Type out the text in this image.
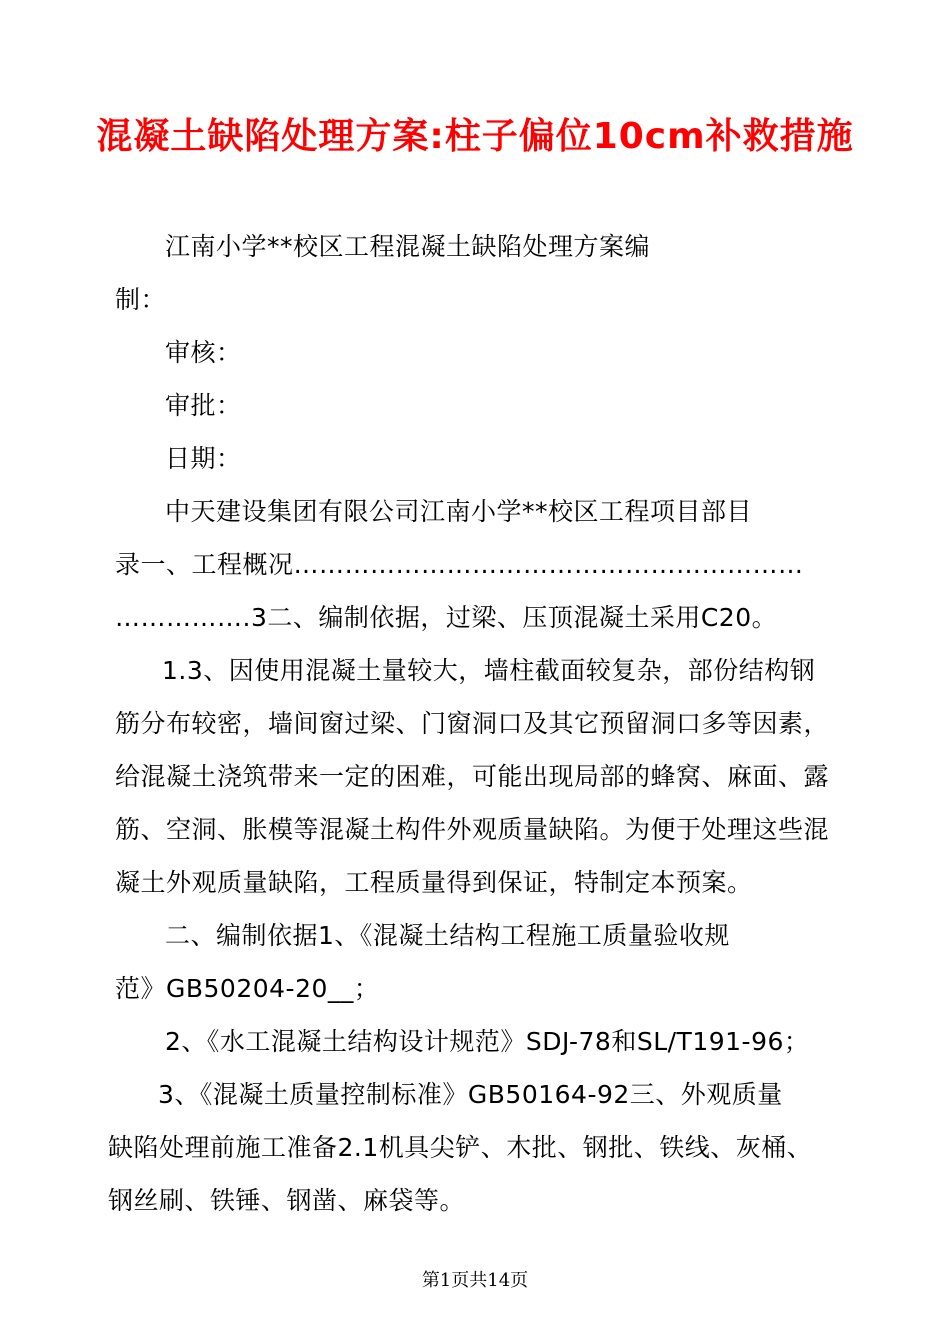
混凝土缺陷处理方案:柱子偏位10cm补救措施
江南小学**校区工程混凝土缺陷处理方案编
制：
审核：
审批：
日期：
中天建设集团有限公司江南小学**校区工程项目部目
录一、工程概况……………………………………………………
…………….3二、编制依据，过梁、压顶混凝土采用C20。
1.3、因使用混凝土量较大，墙柱截面较复杂，部份结构钢
筋分布较密，墙间窗过梁、门窗洞口及其它预留洞口多等因素，
给混凝土浇筑带来一定的困难，可能出现局部的蜂窝、麻面、露
筋、空洞、胀模等混凝土构件外观质量缺陷。为便于处理这些混
凝土外观质量缺陷，工程质量得到保证，特制定本预案。
二、编制依据1、《混凝土结构工程施工质量验收规
范》GB50204-20__；
2、《水工混凝土结构设计规范》SDJ-78和SL/T191-96；
3、《混凝土质量控制标准》GB50164-92三、外观质量
缺陷处理前施工准备2.1机具尖铲、木批、钢批、铁线、灰桶、
钢丝刷、铁锤、钢凿、麻袋等。
第1页共14页
